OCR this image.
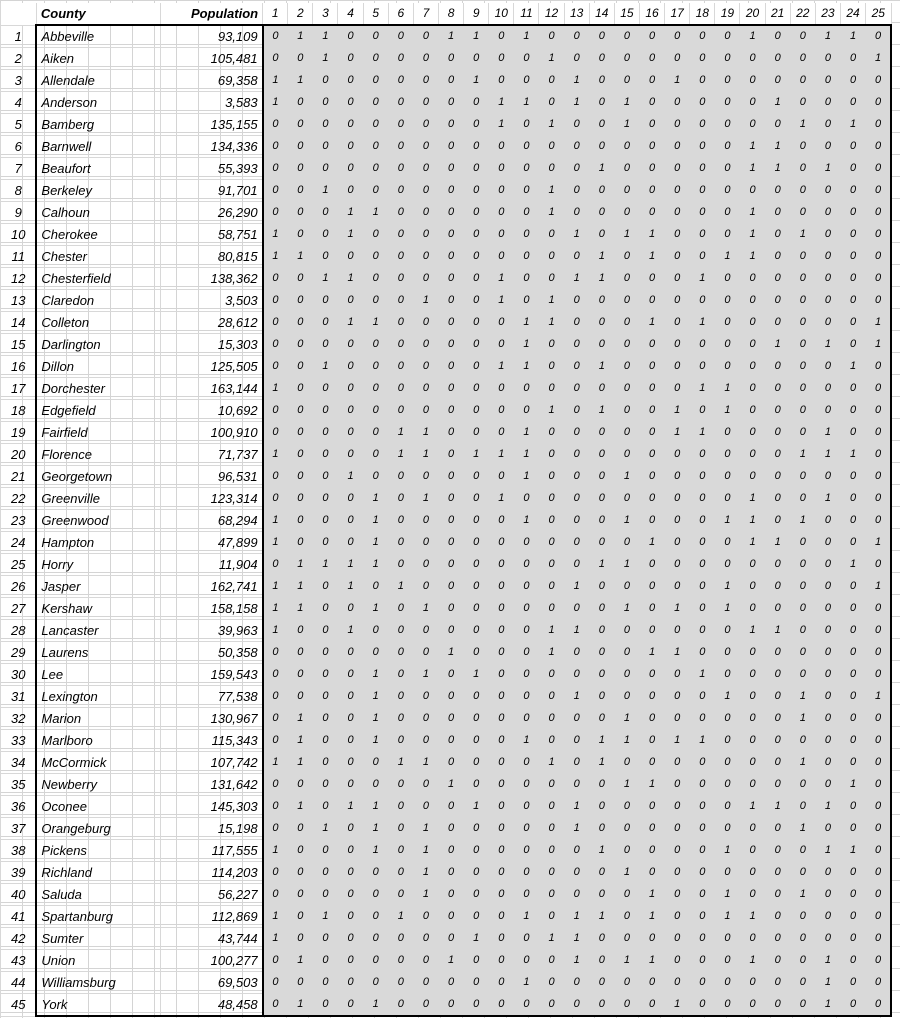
	County	Population	1	2	3	4	5	6	7	8	9	10	11	12	13	14	15	16	17	18	19	20	21	22	23	24	25
1	Abbeville	93,109	0	1	1	0	0	0	0	1	1	0	1	0	0	0	0	0	0	0	0	1	0	0	1	1	0
2	Aiken	105,481	0	0	1	0	0	0	0	0	0	0	0	1	0	0	0	0	0	0	0	0	0	0	0	0	1
3	Allendale	69,358	1	1	0	0	0	0	0	0	1	0	0	0	1	0	0	0	1	0	0	0	0	0	0	0	0
4	Anderson	3,583	1	0	0	0	0	0	0	0	0	1	1	0	1	0	1	0	0	0	0	0	1	0	0	0	0
5	Bamberg	135,155	0	0	0	0	0	0	0	0	0	1	0	1	0	0	1	0	0	0	0	0	0	1	0	1	0
6	Barnwell	134,336	0	0	0	0	0	0	0	0	0	0	0	0	0	0	0	0	0	0	0	1	1	0	0	0	0
7	Beaufort	55,393	0	0	0	0	0	0	0	0	0	0	0	0	0	1	0	0	0	0	0	1	1	0	1	0	0
8	Berkeley	91,701	0	0	1	0	0	0	0	0	0	0	0	1	0	0	0	0	0	0	0	0	0	0	0	0	0
9	Calhoun	26,290	0	0	0	1	1	0	0	0	0	0	0	1	0	0	0	0	0	0	0	1	0	0	0	0	0
10	Cherokee	58,751	1	0	0	1	0	0	0	0	0	0	0	0	1	0	1	1	0	0	0	1	0	1	0	0	0
11	Chester	80,815	1	1	0	0	0	0	0	0	0	0	0	0	0	1	0	1	0	0	1	1	0	0	0	0	0
12	Chesterfield	138,362	0	0	1	1	0	0	0	0	0	1	0	0	1	1	0	0	0	1	0	0	0	0	0	0	0
13	Claredon	3,503	0	0	0	0	0	0	1	0	0	1	0	1	0	0	0	0	0	0	0	0	0	0	0	0	0
14	Colleton	28,612	0	0	0	1	1	0	0	0	0	0	1	1	0	0	0	1	0	1	0	0	0	0	0	0	1
15	Darlington	15,303	0	0	0	0	0	0	0	0	0	0	1	0	0	0	0	0	0	0	0	0	1	0	1	0	1
16	Dillon	125,505	0	0	1	0	0	0	0	0	0	1	1	0	0	1	0	0	0	0	0	0	0	0	0	1	0
17	Dorchester	163,144	1	0	0	0	0	0	0	0	0	0	0	0	0	0	0	0	0	1	1	0	0	0	0	0	0
18	Edgefield	10,692	0	0	0	0	0	0	0	0	0	0	0	1	0	1	0	0	1	0	1	0	0	0	0	0	0
19	Fairfield	100,910	0	0	0	0	0	1	1	0	0	0	1	0	0	0	0	0	1	1	0	0	0	0	1	0	0
20	Florence	71,737	1	0	0	0	0	1	1	0	1	1	1	0	0	0	0	0	0	0	0	0	0	1	1	1	0
21	Georgetown	96,531	0	0	0	1	0	0	0	0	0	0	1	0	0	0	1	0	0	0	0	0	0	0	0	0	0
22	Greenville	123,314	0	0	0	0	1	0	1	0	0	1	0	0	0	0	0	0	0	0	0	1	0	0	1	0	0
23	Greenwood	68,294	1	0	0	0	1	0	0	0	0	0	1	0	0	0	1	0	0	0	1	1	0	1	0	0	0
24	Hampton	47,899	1	0	0	0	1	0	0	0	0	0	0	0	0	0	0	1	0	0	0	1	1	0	0	0	1
25	Horry	11,904	0	1	1	1	1	0	0	0	0	0	0	0	0	1	1	0	0	0	0	0	0	0	0	1	0
26	Jasper	162,741	1	1	0	1	0	1	0	0	0	0	0	0	1	0	0	0	0	0	1	0	0	0	0	0	1
27	Kershaw	158,158	1	1	0	0	1	0	1	0	0	0	0	0	0	0	1	0	1	0	1	0	0	0	0	0	0
28	Lancaster	39,963	1	0	0	1	0	0	0	0	0	0	0	1	1	0	0	0	0	0	0	1	1	0	0	0	0
29	Laurens	50,358	0	0	0	0	0	0	0	1	0	0	0	1	0	0	0	1	1	0	0	0	0	0	0	0	0
30	Lee	159,543	0	0	0	0	1	0	1	0	1	0	0	0	0	0	0	0	0	1	0	0	0	0	0	0	0
31	Lexington	77,538	0	0	0	0	1	0	0	0	0	0	0	0	1	0	0	0	0	0	1	0	0	1	0	0	1
32	Marion	130,967	0	1	0	0	1	0	0	0	0	0	0	0	0	0	1	0	0	0	0	0	0	1	0	0	0
33	Marlboro	115,343	0	1	0	0	1	0	0	0	0	0	1	0	0	1	1	0	1	1	0	0	0	0	0	0	0
34	McCormick	107,742	1	1	0	0	0	1	1	0	0	0	0	1	0	1	0	0	0	0	0	0	0	1	0	0	0
35	Newberry	131,642	0	0	0	0	0	0	0	1	0	0	0	0	0	0	1	1	0	0	0	0	0	0	0	1	0
36	Oconee	145,303	0	1	0	1	1	0	0	0	1	0	0	0	1	0	0	0	0	0	0	1	1	0	1	0	0
37	Orangeburg	15,198	0	0	1	0	1	0	1	0	0	0	0	0	1	0	0	0	0	0	0	0	0	1	0	0	0
38	Pickens	117,555	1	0	0	0	1	0	1	0	0	0	0	0	0	1	0	0	0	0	1	0	0	0	1	1	0
39	Richland	114,203	0	0	0	0	0	0	1	0	0	0	0	0	0	0	1	0	0	0	0	0	0	0	0	0	0
40	Saluda	56,227	0	0	0	0	0	0	1	0	0	0	0	0	0	0	0	1	0	0	1	0	0	1	0	0	0
41	Spartanburg	112,869	1	0	1	0	0	1	0	0	0	0	1	0	1	1	0	1	0	0	1	1	0	0	0	0	0
42	Sumter	43,744	1	0	0	0	0	0	0	0	1	0	0	1	1	0	0	0	0	0	0	0	0	0	0	0	0
43	Union	100,277	0	1	0	0	0	0	0	1	0	0	0	0	1	0	1	1	0	0	0	1	0	0	1	0	0
44	Williamsburg	69,503	0	0	0	0	0	0	0	0	0	0	1	0	0	0	0	0	0	0	0	0	0	0	1	0	0
45	York	48,458	0	1	0	0	1	0	0	0	0	0	0	0	0	0	0	0	1	0	0	0	0	0	1	0	0
